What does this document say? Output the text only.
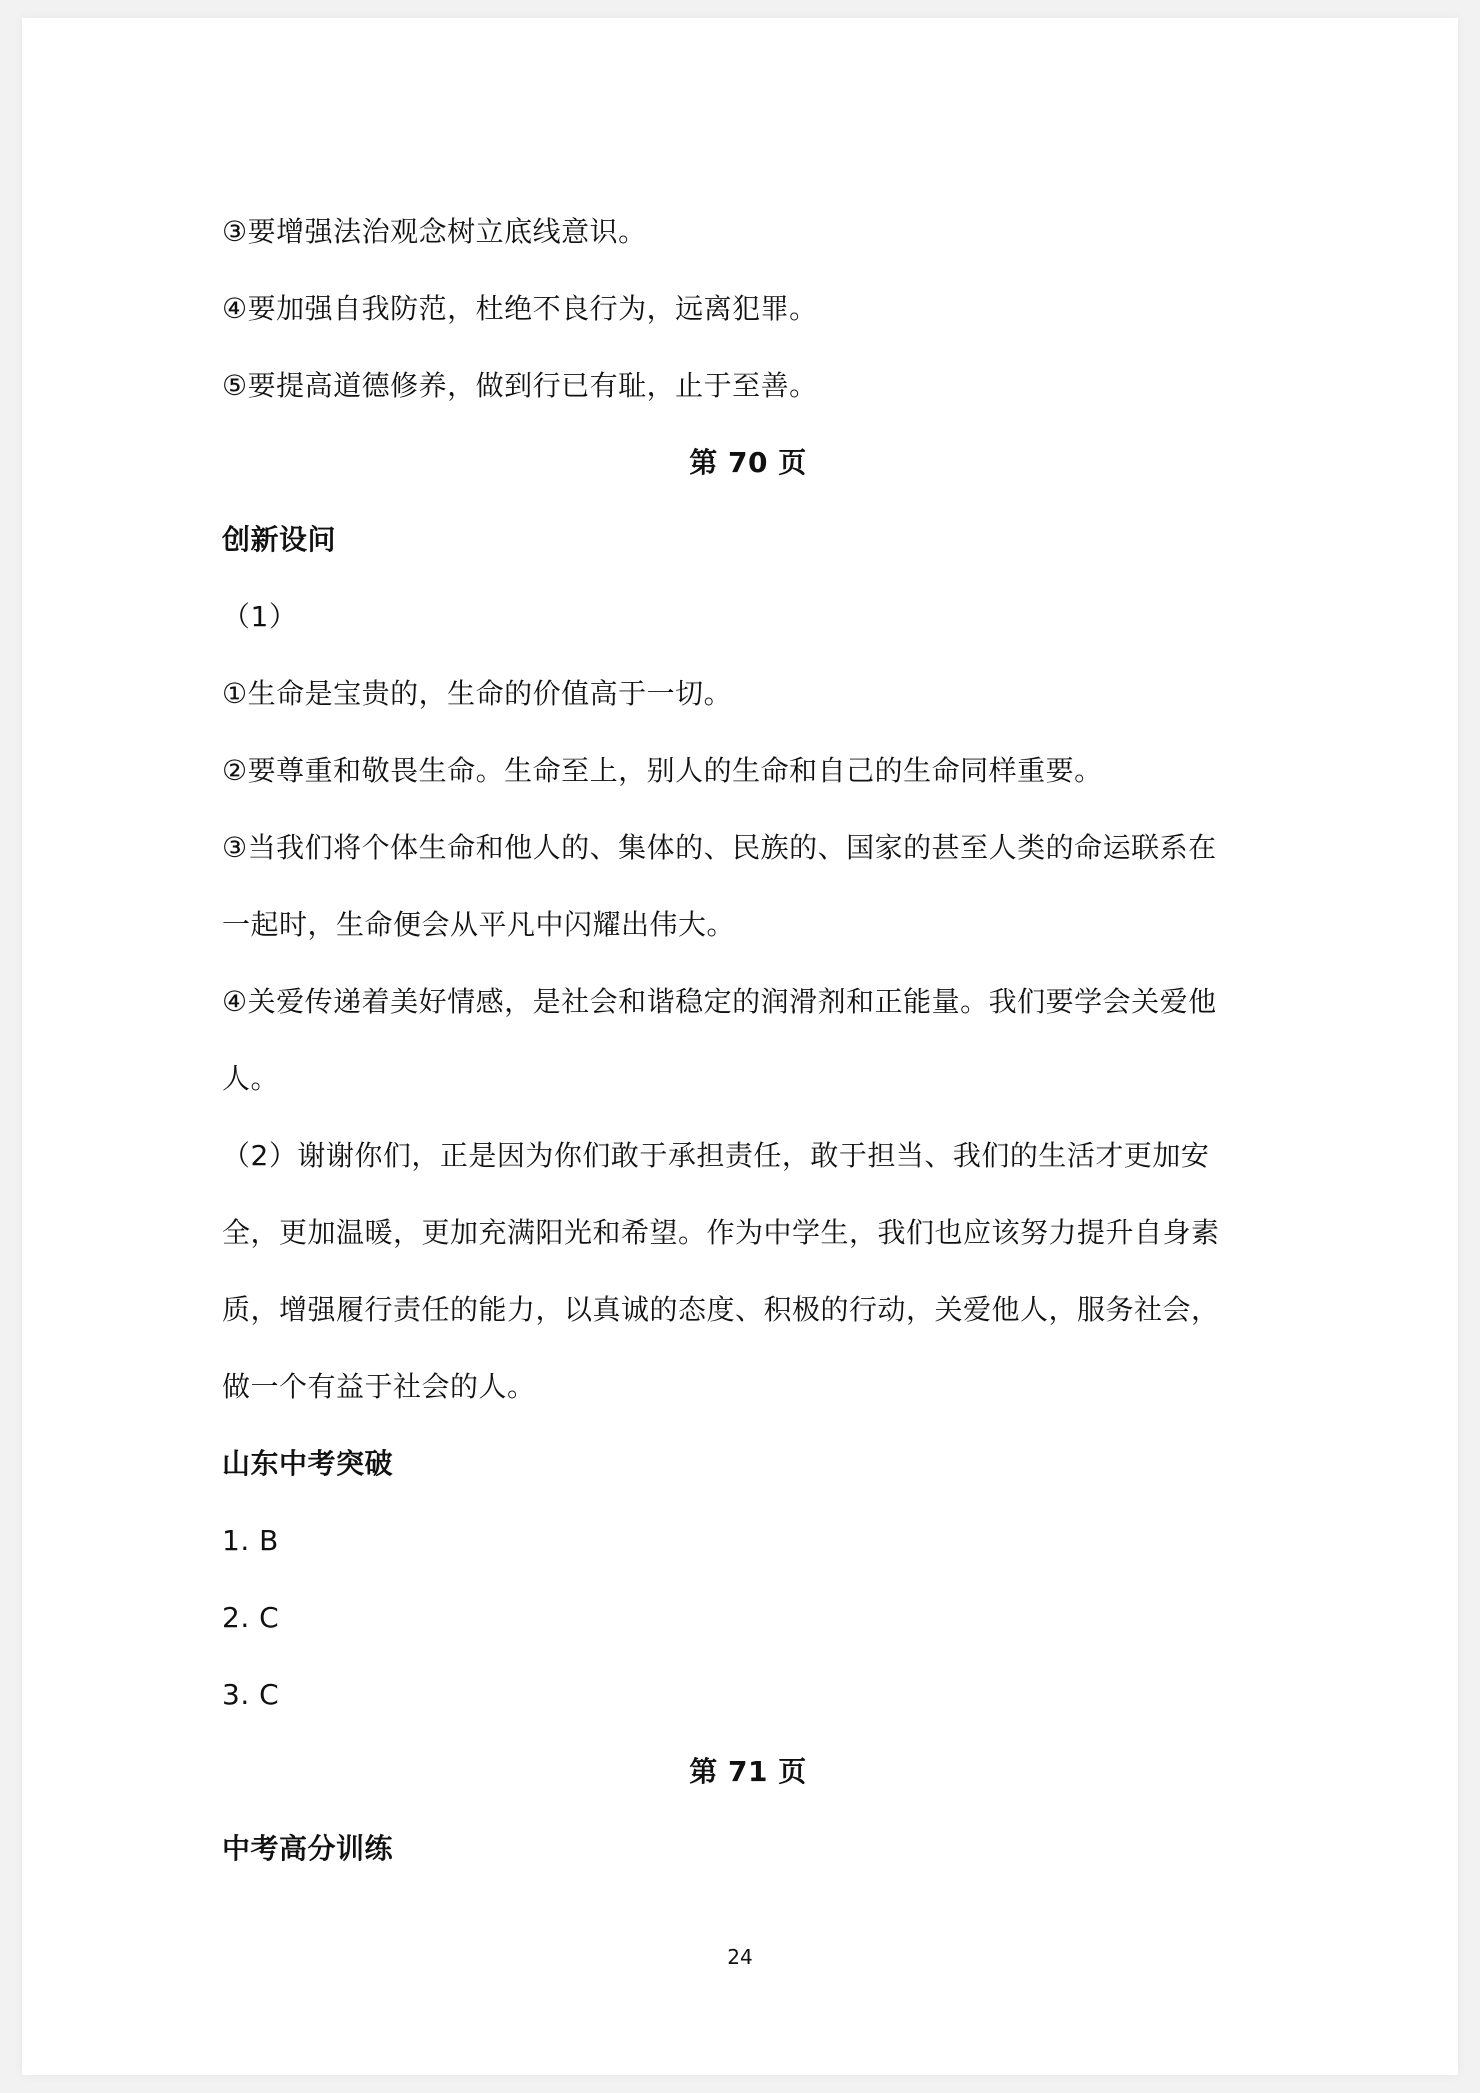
③要增强法治观念树立底线意识。
④要加强自我防范，杜绝不良行为，远离犯罪。
⑤要提高道德修养，做到行已有耻，止于至善。
第 70 页
创新设问
（1）
①生命是宝贵的，生命的价值高于一切。
②要尊重和敬畏生命。生命至上，别人的生命和自己的生命同样重要。
③当我们将个体生命和他人的、集体的、民族的、国家的甚至人类的命运联系在
一起时，生命便会从平凡中闪耀出伟大。
④关爱传递着美好情感，是社会和谐稳定的润滑剂和正能量。我们要学会关爱他
人。
（2）谢谢你们，正是因为你们敢于承担责任，敢于担当、我们的生活才更加安
全，更加温暖，更加充满阳光和希望。作为中学生，我们也应该努力提升自身素
质，增强履行责任的能力，以真诚的态度、积极的行动，关爱他人，服务社会，
做一个有益于社会的人。
山东中考突破
1. B
2. C
3. C
第 71 页
中考高分训练
24
